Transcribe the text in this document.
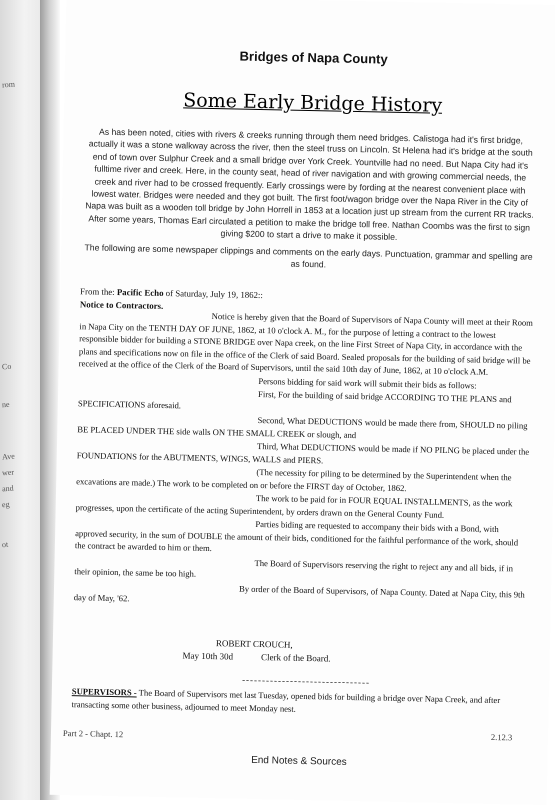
rom
Co
ne
Ave
wer
and
eg
ot
Bridges of Napa County
Some Early Bridge History

As has been noted, cities with rivers & creeks running through them need bridges. Calistoga had it's first bridge, actually it was a stone walkway across the river, then the steel truss on Lincoln. St Helena had it's bridge at the south end of town over Sulphur Creek and a small bridge over York Creek. Yountville had no need. But Napa City had it's fulltime river and creek. Here, in the county seat, head of river navigation and with growing commercial needs, the creek and river had to be crossed frequently. Early crossings were by fording at the nearest convenient place with lowest water. Bridges were needed and they got built. The first foot/wagon bridge over the Napa River in the City of Napa was built as a wooden toll bridge by John Horrell in 1853 at a location just up stream from the current RR tracks. After some years, Thomas Earl circulated a petition to make the bridge toll free. Nathan Coombs was the first to sign giving $200 to start a drive to make it possible.

The following are some newspaper clippings and comments on the early days. Punctuation, grammar and spelling are as found.

From the: Pacific Echo of Saturday, July 19, 1862::
Notice to Contractors.

Notice is hereby given that the Board of Supervisors of Napa County will meet at their Room in Napa City on the TENTH DAY OF JUNE, 1862, at 10 o'clock A. M., for the purpose of letting a contract to the lowest responsible bidder for building a STONE BRIDGE over Napa creek, on the line First Street of Napa City, in accordance with the plans and specifications now on file in the office of the Clerk of said Board. Sealed proposals for the building of said bridge will be received at the office of the Clerk of the Board of Supervisors, until the said 10th day of June, 1862, at 10 o'clock A.M.

Persons bidding for said work will submit their bids as follows:

First, For the building of said bridge ACCORDING TO THE PLANS and SPECIFICATIONS aforesaid.

Second, What DEDUCTIONS would be made there from, SHOULD no piling BE PLACED UNDER THE side walls ON THE SMALL CREEK or slough, and

Third, What DEDUCTIONS would be made if NO PILNG be placed under the FOUNDATIONS for the ABUTMENTS, WINGS, WALLS and PIERS.

(The necessity for piling to be determined by the Superintendent when the excavations are made.) The work to be completed on or before the FIRST day of October, 1862.

The work to be paid for in FOUR EQUAL INSTALLMENTS, as the work progresses, upon the certificate of the acting Superintendent, by orders drawn on the General County Fund.

Parties biding are requested to accompany their bids with a Bond, with approved security, in the sum of DOUBLE the amount of their bids, conditioned for the faithful performance of the work, should the contract be awarded to him or them.

The Board of Supervisors reserving the right to reject any and all bids, if in their opinion, the same be too high.

By order of the Board of Supervisors, of Napa County. Dated at Napa City, this 9th day of May, '62.

ROBERT CROUCH,
May 10th 30d	Clerk of the Board.
--------------------------------
SUPERVISORS - The Board of Supervisors met last Tuesday, opened bids for building a bridge over Napa Creek, and after transacting some other business, adjourned to meet Monday nest.
Part 2 - Chapt. 12	2.12.3
End Notes & Sources
